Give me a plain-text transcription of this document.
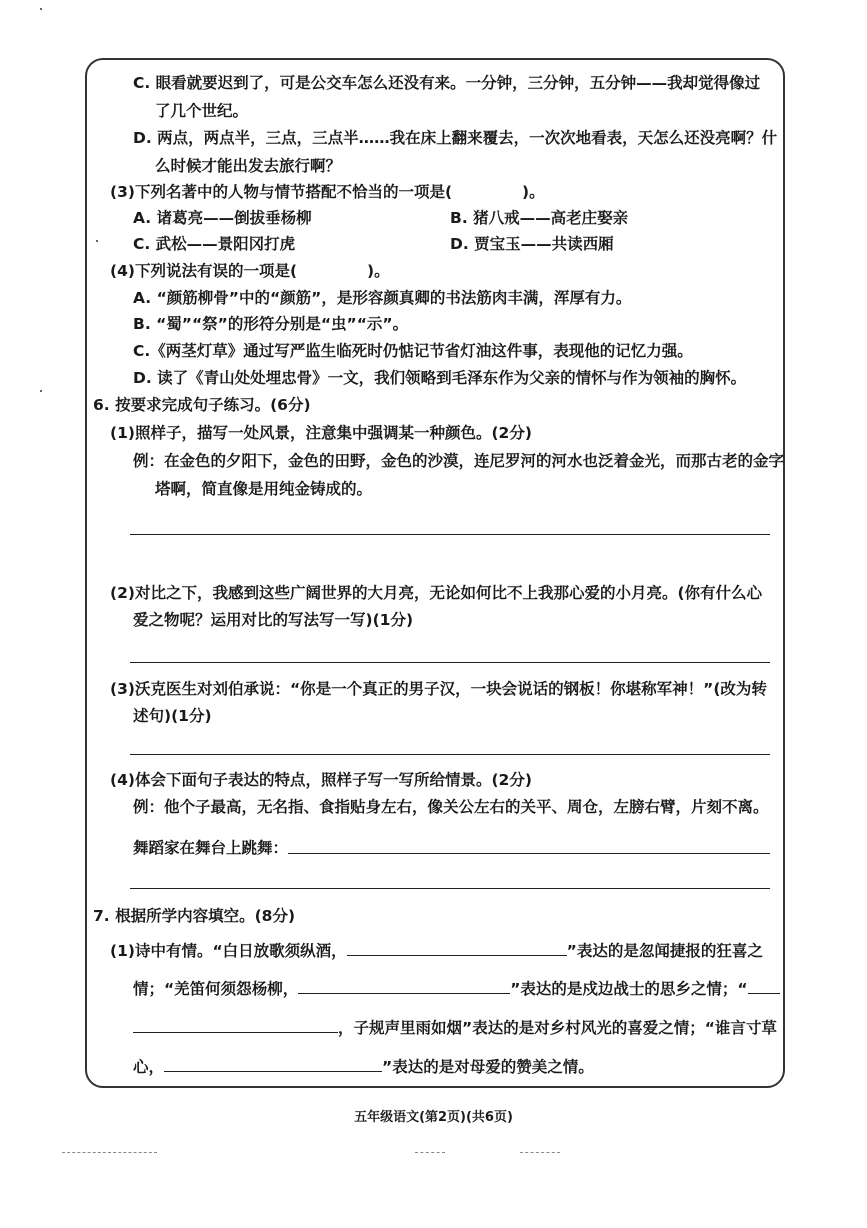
C. 眼看就要迟到了，可是公交车怎么还没有来。一分钟，三分钟，五分钟——我却觉得像过
了几个世纪。
D. 两点，两点半，三点，三点半……我在床上翻来覆去，一次次地看表，天怎么还没亮啊？什
么时候才能出发去旅行啊？
(3)下列名著中的人物与情节搭配不恰当的一项是(	)。
A. 诸葛亮——倒拔垂杨柳	B. 猪八戒——高老庄娶亲
C. 武松——景阳冈打虎	D. 贾宝玉——共读西厢
(4)下列说法有误的一项是(	)。
A. “颜筋柳骨”中的“颜筋”，是形容颜真卿的书法筋肉丰满，浑厚有力。
B. “蜀”“祭”的形符分别是“虫”“示”。
C.《两茎灯草》通过写严监生临死时仍惦记节省灯油这件事，表现他的记忆力强。
D. 读了《青山处处埋忠骨》一文，我们领略到毛泽东作为父亲的情怀与作为领袖的胸怀。
6. 按要求完成句子练习。(6分)
(1)照样子，描写一处风景，注意集中强调某一种颜色。(2分)
例：在金色的夕阳下，金色的田野，金色的沙漠，连尼罗河的河水也泛着金光，而那古老的金字
塔啊，简直像是用纯金铸成的。
(2)对比之下，我感到这些广阔世界的大月亮，无论如何比不上我那心爱的小月亮。(你有什么心
爱之物呢？运用对比的写法写一写)(1分)
(3)沃克医生对刘伯承说：“你是一个真正的男子汉，一块会说话的钢板！你堪称军神！”(改为转
述句)(1分)
(4)体会下面句子表达的特点，照样子写一写所给情景。(2分)
例：他个子最高，无名指、食指贴身左右，像关公左右的关平、周仓，左膀右臂，片刻不离。
舞蹈家在舞台上跳舞：
7. 根据所学内容填空。(8分)
(1)诗中有情。“白日放歌须纵酒，	”表达的是忽闻捷报的狂喜之
情；“羌笛何须怨杨柳，	”表达的是戍边战士的思乡之情；“
，子规声里雨如烟”表达的是对乡村风光的喜爱之情；“谁言寸草
心，	”表达的是对母爱的赞美之情。
五年级语文(第2页)(共6页)
